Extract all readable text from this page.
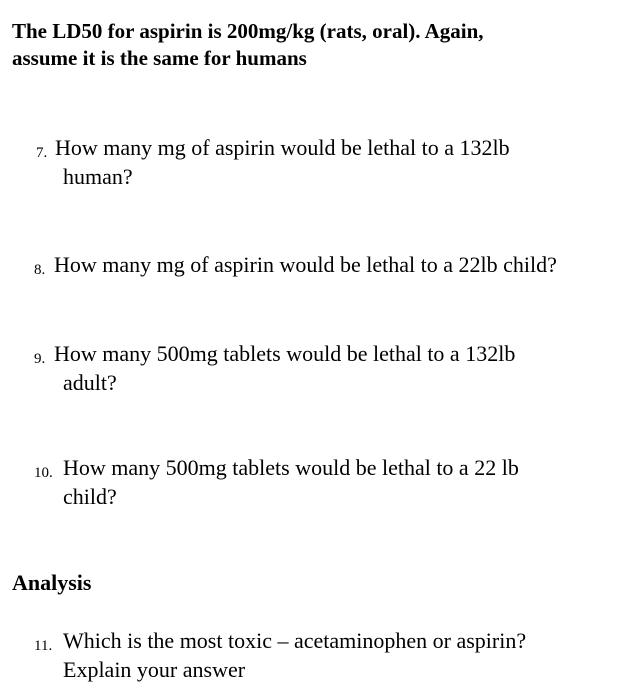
The LD50 for aspirin is 200mg/kg (rats, oral). Again,
assume it is the same for humans
7. How many mg of aspirin would be lethal to a 132lb
human?
8. How many mg of aspirin would be lethal to a 22lb child?
9. How many 500mg tablets would be lethal to a 132lb
adult?
10. How many 500mg tablets would be lethal to a 22 lb
child?
Analysis
11. Which is the most toxic – acetaminophen or aspirin?
Explain your answer
